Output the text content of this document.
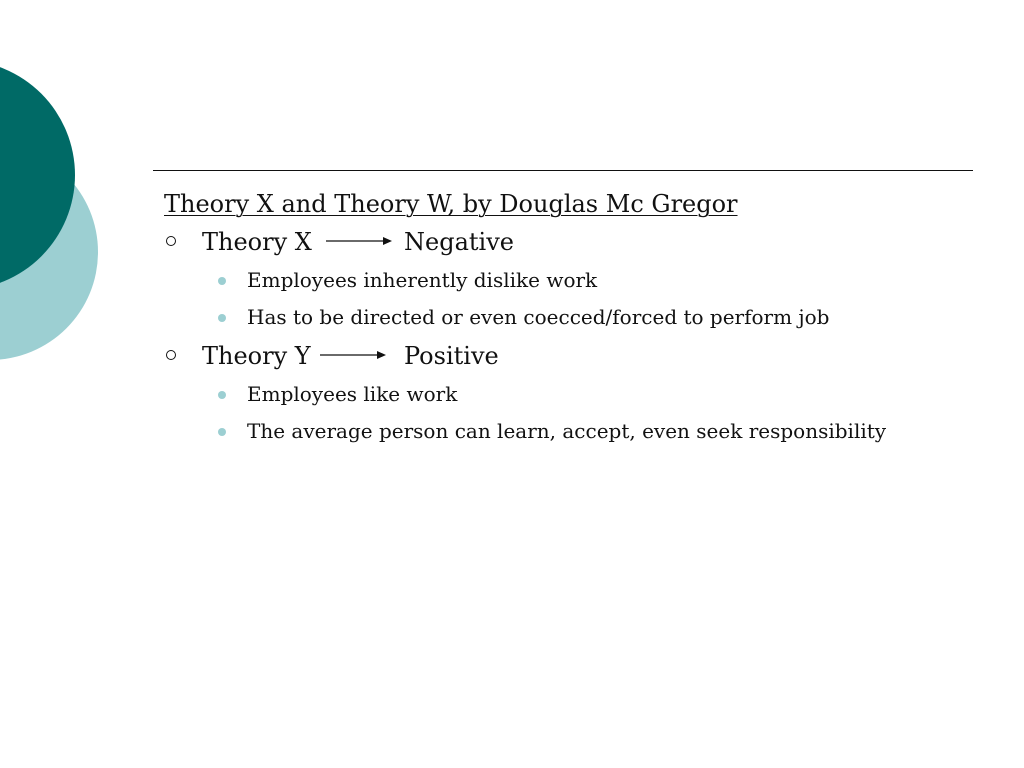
Theory X and Theory W, by Douglas Mc Gregor
Theory X	Negative
Employees inherently dislike work
Has to be directed or even coecced/forced to perform job
Theory Y	Positive
Employees like work
The average person can learn, accept, even seek responsibility
